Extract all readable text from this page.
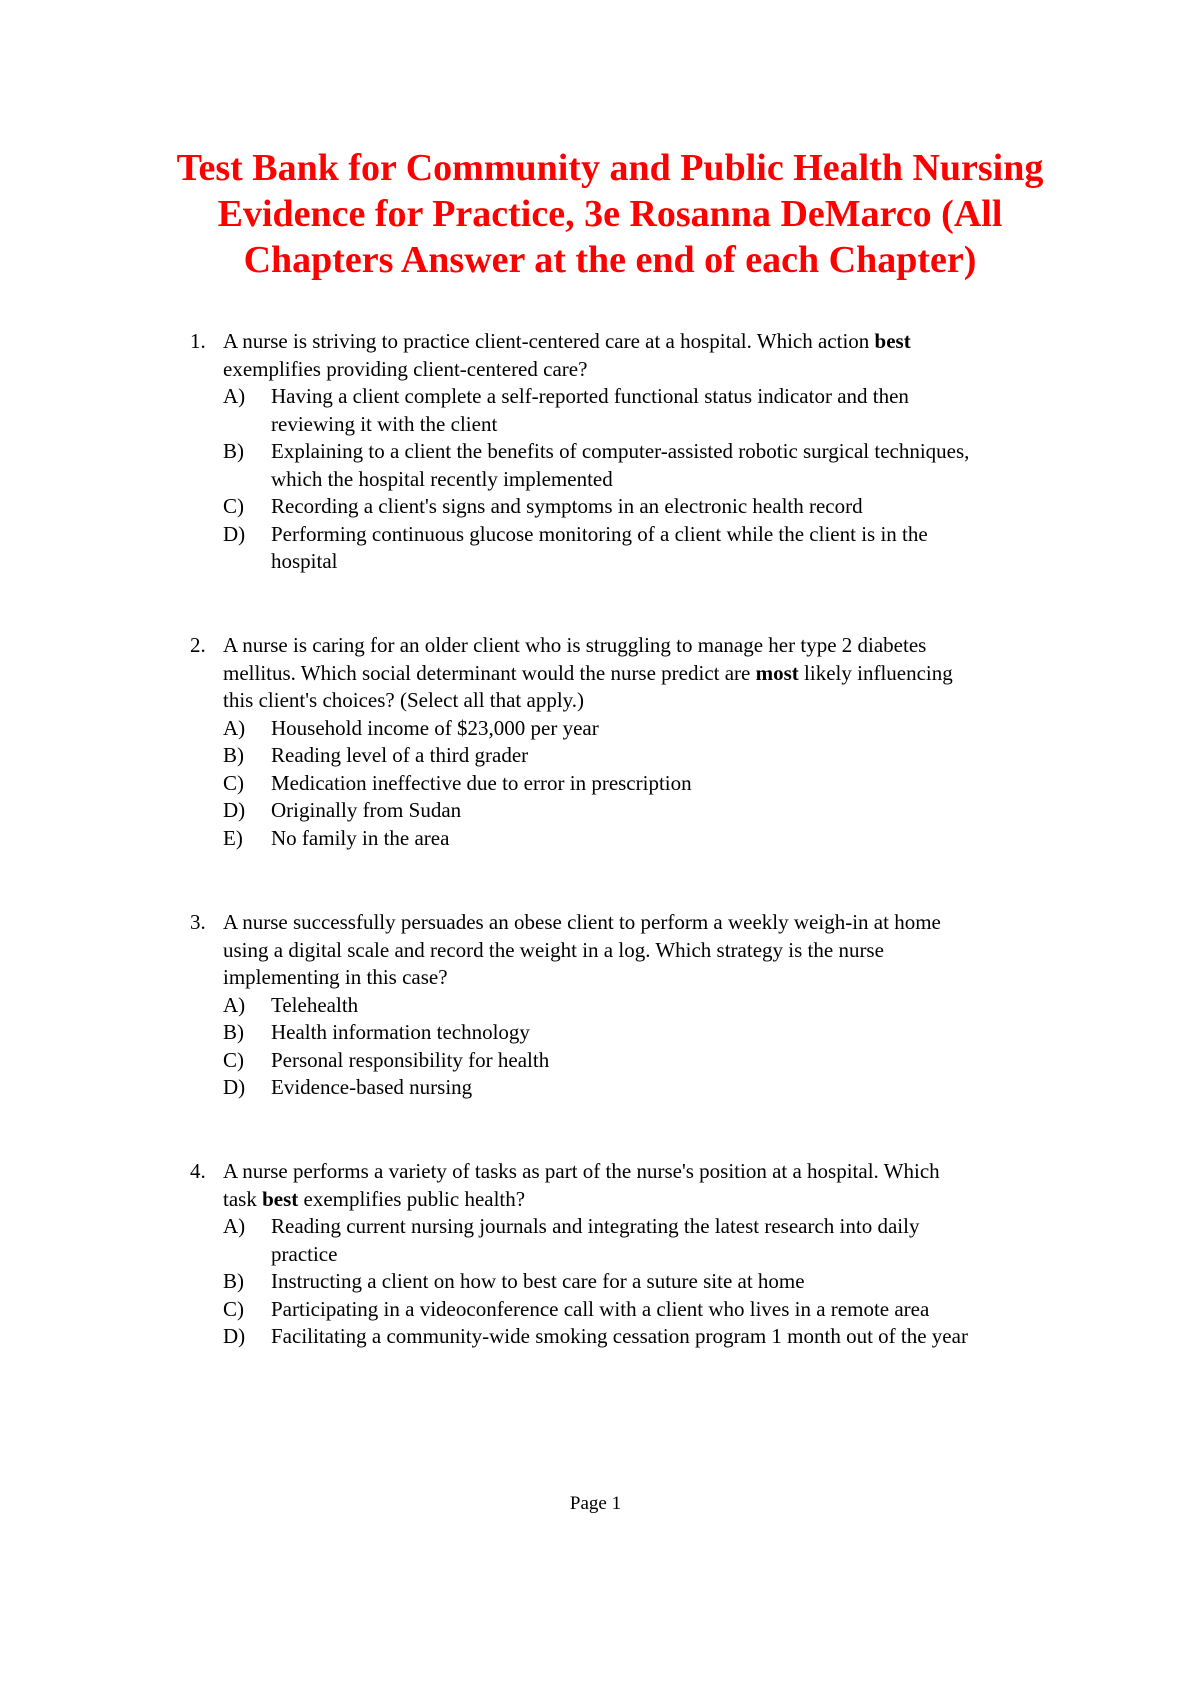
Test Bank for Community and Public Health Nursing
Evidence for Practice, 3e Rosanna DeMarco (All
Chapters Answer at the end of each Chapter)
1. A nurse is striving to practice client-centered care at a hospital. Which action best
exemplifies providing client-centered care?
A) Having a client complete a self-reported functional status indicator and then
reviewing it with the client
B) Explaining to a client the benefits of computer-assisted robotic surgical techniques,
which the hospital recently implemented
C) Recording a client's signs and symptoms in an electronic health record
D) Performing continuous glucose monitoring of a client while the client is in the
hospital
2. A nurse is caring for an older client who is struggling to manage her type 2 diabetes
mellitus. Which social determinant would the nurse predict are most likely influencing
this client's choices? (Select all that apply.)
A) Household income of $23,000 per year
B) Reading level of a third grader
C) Medication ineffective due to error in prescription
D) Originally from Sudan
E) No family in the area
3. A nurse successfully persuades an obese client to perform a weekly weigh-in at home
using a digital scale and record the weight in a log. Which strategy is the nurse
implementing in this case?
A) Telehealth
B) Health information technology
C) Personal responsibility for health
D) Evidence-based nursing
4. A nurse performs a variety of tasks as part of the nurse's position at a hospital. Which
task best exemplifies public health?
A) Reading current nursing journals and integrating the latest research into daily
practice
B) Instructing a client on how to best care for a suture site at home
C) Participating in a videoconference call with a client who lives in a remote area
D) Facilitating a community-wide smoking cessation program 1 month out of the year
Page 1
